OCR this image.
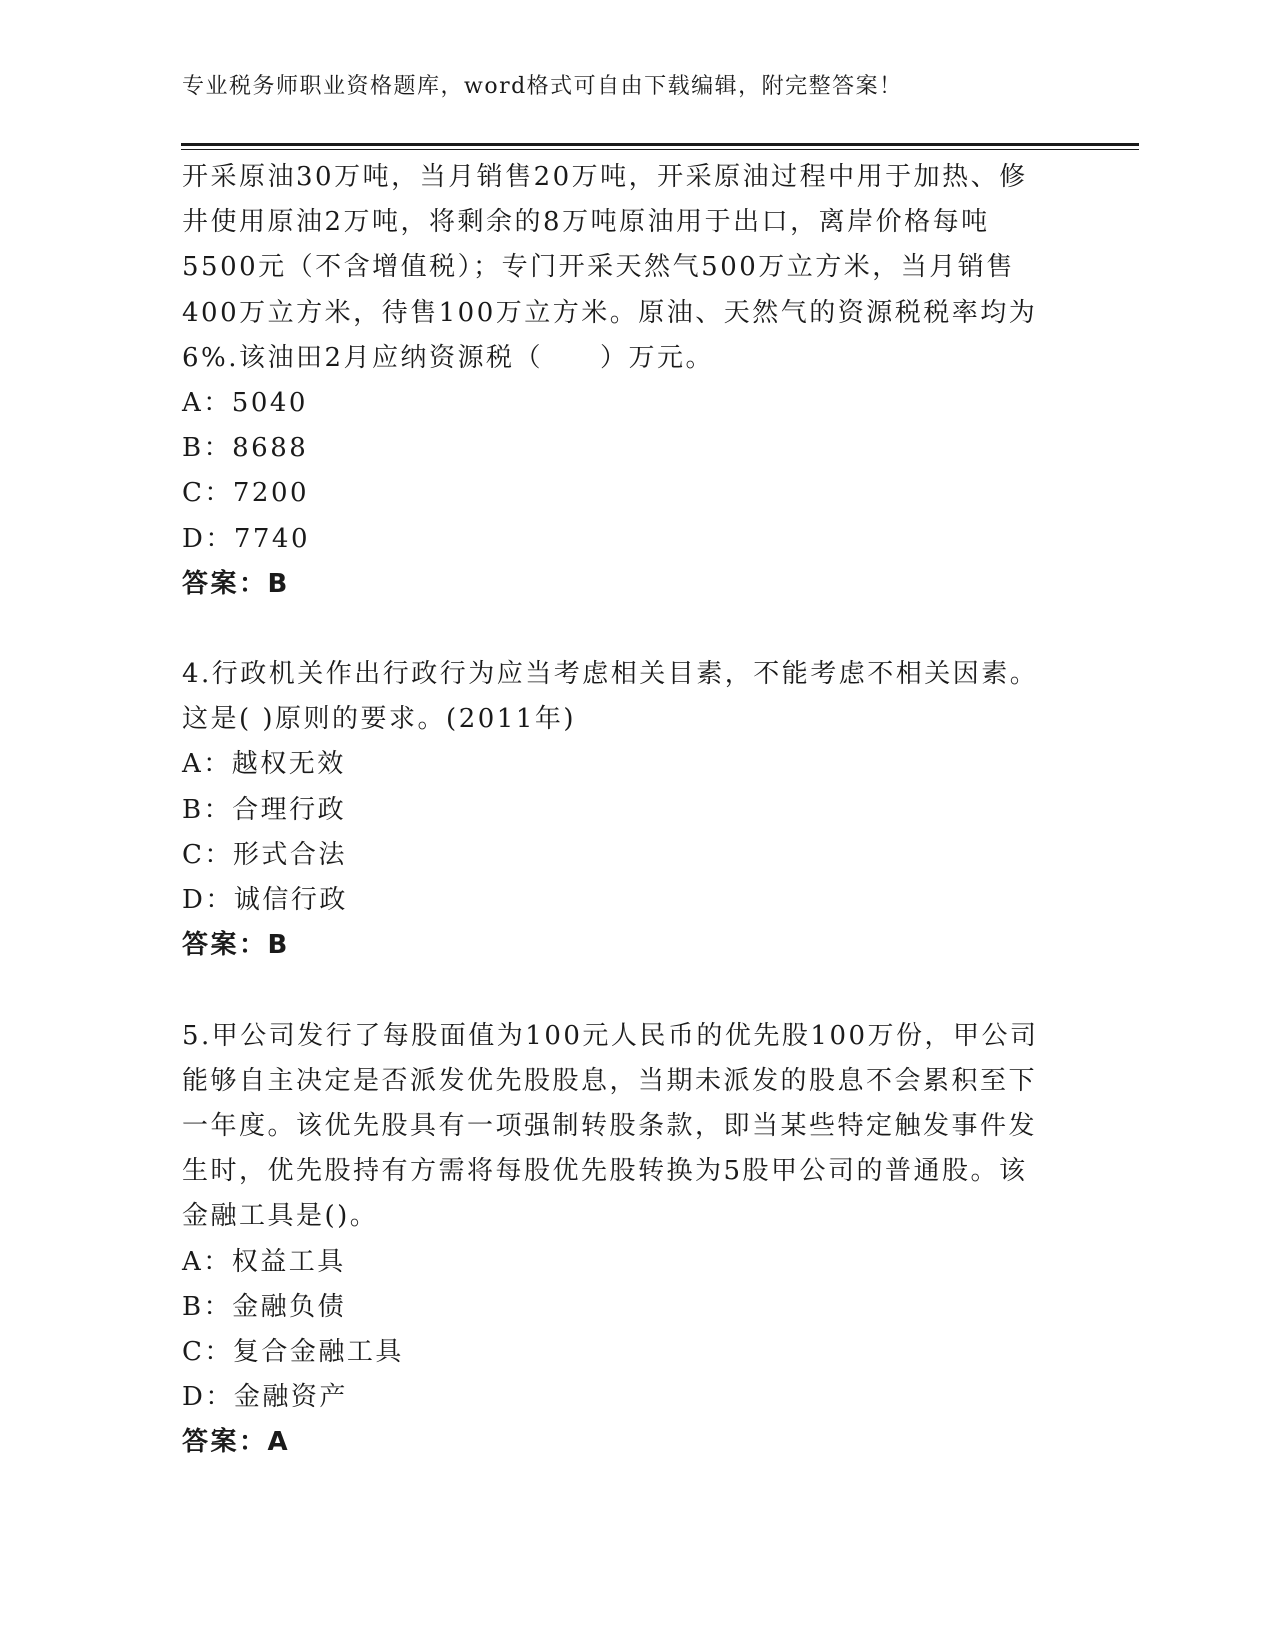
专业税务师职业资格题库，word格式可自由下载编辑，附完整答案！
开采原油30万吨，当月销售20万吨，开采原油过程中用于加热、修
井使用原油2万吨，将剩余的8万吨原油用于出口，离岸价格每吨
5500元（不含增值税）；专门开采天然气500万立方米，当月销售
400万立方米，待售100万立方米。原油、天然气的资源税税率均为
6%.该油田2月应纳资源税（　　）万元。
A：5040
B：8688
C：7200
D：7740
答案：B
4.行政机关作出行政行为应当考虑相关目素，不能考虑不相关因素。
这是( )原则的要求。(2011年)
A：越权无效
B：合理行政
C：形式合法
D：诚信行政
答案：B
5.甲公司发行了每股面值为100元人民币的优先股100万份，甲公司
能够自主决定是否派发优先股股息，当期未派发的股息不会累积至下
一年度。该优先股具有一项强制转股条款，即当某些特定触发事件发
生时，优先股持有方需将每股优先股转换为5股甲公司的普通股。该
金融工具是()。
A：权益工具
B：金融负债
C：复合金融工具
D：金融资产
答案：A
